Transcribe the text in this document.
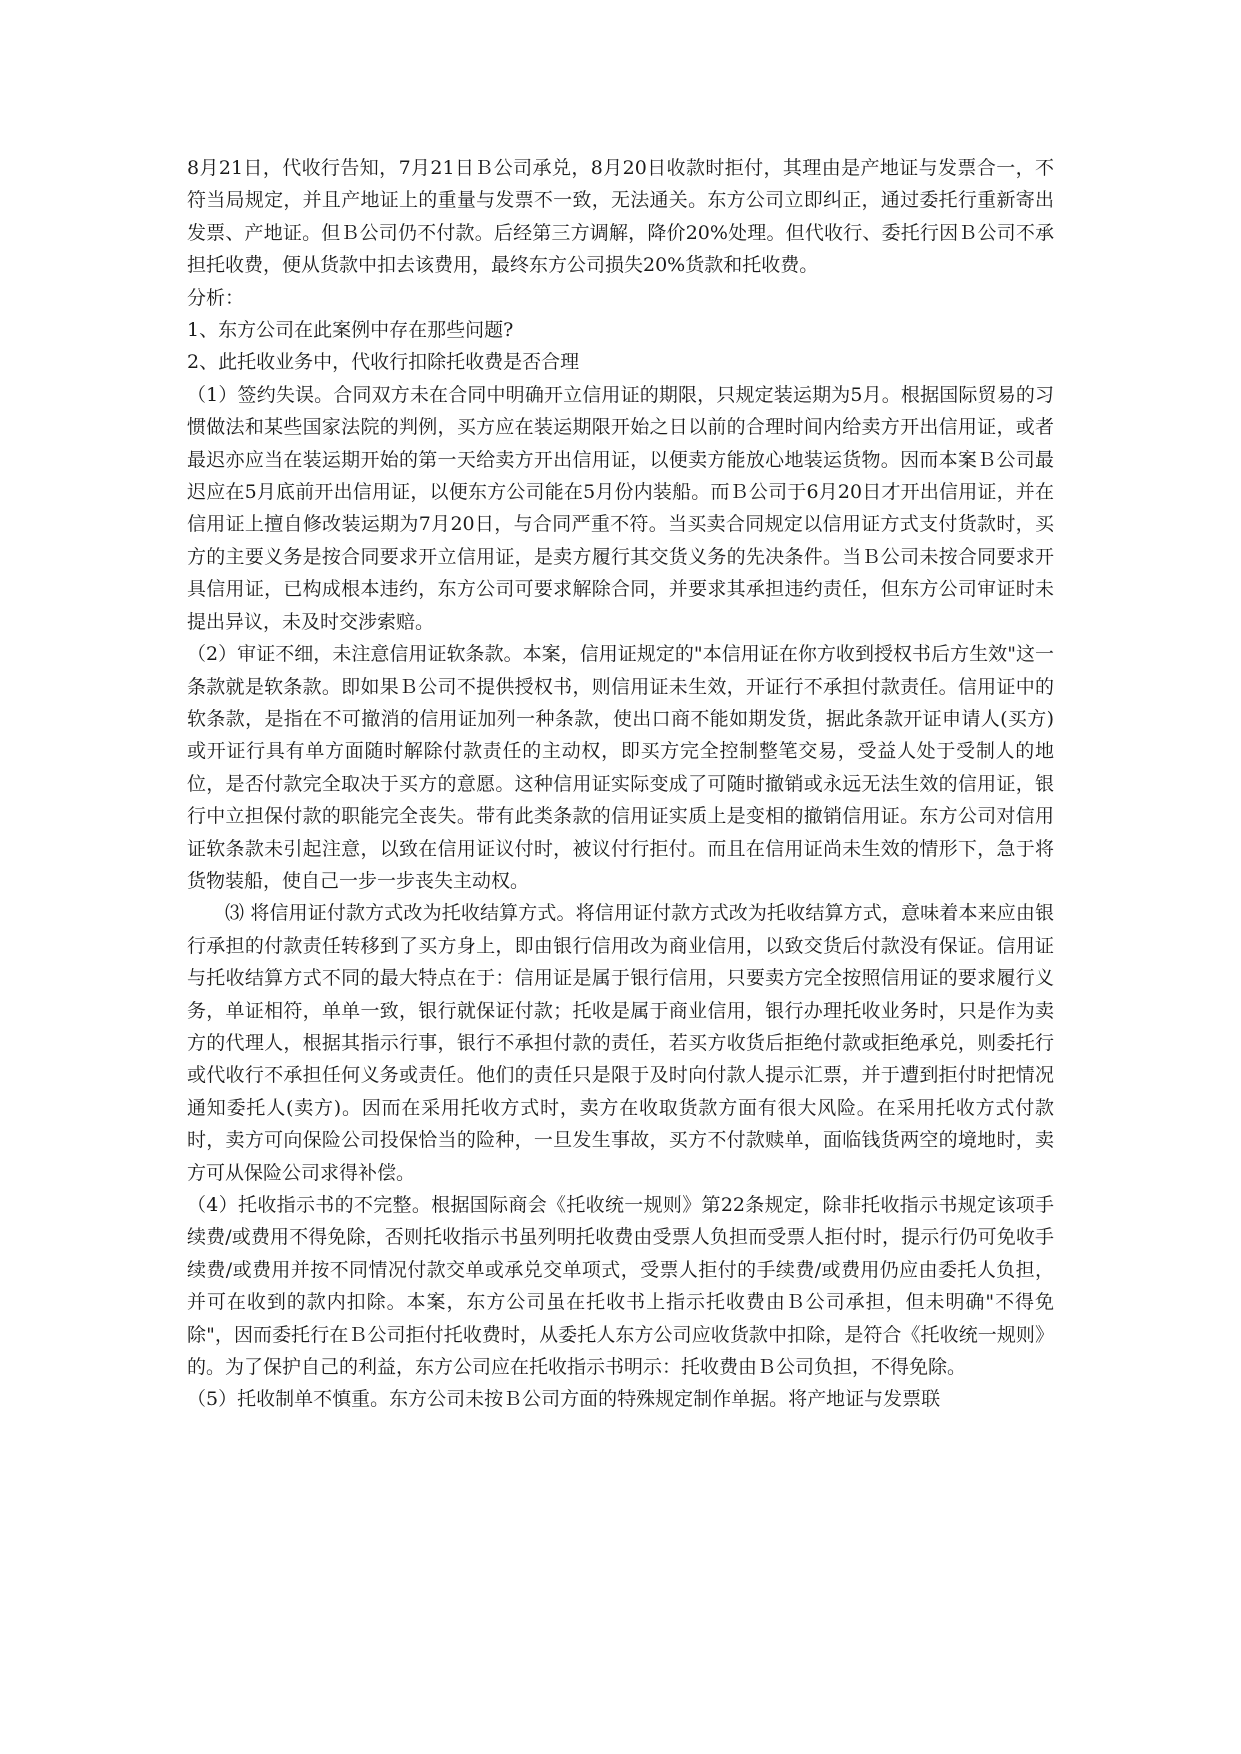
8月21日，代收行告知，7月21日Ｂ公司承兑，8月20日收款时拒付，其理由是产地证与发票合一，不符当局规定，并且产地证上的重量与发票不一致，无法通关。东方公司立即纠正，通过委托行重新寄出发票、产地证。但Ｂ公司仍不付款。后经第三方调解，降价20%处理。但代收行、委托行因Ｂ公司不承担托收费，便从货款中扣去该费用，最终东方公司损失20%货款和托收费。

分析：

1、东方公司在此案例中存在那些问题?

2、此托收业务中，代收行扣除托收费是否合理

（1）签约失误。合同双方未在合同中明确开立信用证的期限，只规定装运期为5月。根据国际贸易的习惯做法和某些国家法院的判例，买方应在装运期限开始之日以前的合理时间内给卖方开出信用证，或者最迟亦应当在装运期开始的第一天给卖方开出信用证，以便卖方能放心地装运货物。因而本案Ｂ公司最迟应在5月底前开出信用证，以便东方公司能在5月份内装船。而Ｂ公司于6月20日才开出信用证，并在信用证上擅自修改装运期为7月20日，与合同严重不符。当买卖合同规定以信用证方式支付货款时，买方的主要义务是按合同要求开立信用证，是卖方履行其交货义务的先决条件。当Ｂ公司未按合同要求开具信用证，已构成根本违约，东方公司可要求解除合同，并要求其承担违约责任，但东方公司审证时未提出异议，未及时交涉索赔。

（2）审证不细，未注意信用证软条款。本案，信用证规定的"本信用证在你方收到授权书后方生效"这一条款就是软条款。即如果Ｂ公司不提供授权书，则信用证未生效，开证行不承担付款责任。信用证中的软条款，是指在不可撤消的信用证加列一种条款，使出口商不能如期发货，据此条款开证申请人(买方)或开证行具有单方面随时解除付款责任的主动权，即买方完全控制整笔交易，受益人处于受制人的地位，是否付款完全取决于买方的意愿。这种信用证实际变成了可随时撤销或永远无法生效的信用证，银行中立担保付款的职能完全丧失。带有此类条款的信用证实质上是变相的撤销信用证。东方公司对信用证软条款未引起注意，以致在信用证议付时，被议付行拒付。而且在信用证尚未生效的情形下，急于将货物装船，使自己一步一步丧失主动权。

⑶ 将信用证付款方式改为托收结算方式。将信用证付款方式改为托收结算方式，意味着本来应由银行承担的付款责任转移到了买方身上，即由银行信用改为商业信用，以致交货后付款没有保证。信用证与托收结算方式不同的最大特点在于：信用证是属于银行信用，只要卖方完全按照信用证的要求履行义务，单证相符，单单一致，银行就保证付款；托收是属于商业信用，银行办理托收业务时，只是作为卖方的代理人，根据其指示行事，银行不承担付款的责任，若买方收货后拒绝付款或拒绝承兑，则委托行或代收行不承担任何义务或责任。他们的责任只是限于及时向付款人提示汇票，并于遭到拒付时把情况通知委托人(卖方)。因而在采用托收方式时，卖方在收取货款方面有很大风险。在采用托收方式付款时，卖方可向保险公司投保恰当的险种，一旦发生事故，买方不付款赎单，面临钱货两空的境地时，卖方可从保险公司求得补偿。

（4）托收指示书的不完整。根据国际商会《托收统一规则》第22条规定，除非托收指示书规定该项手续费/或费用不得免除，否则托收指示书虽列明托收费由受票人负担而受票人拒付时，提示行仍可免收手续费/或费用并按不同情况付款交单或承兑交单项式，受票人拒付的手续费/或费用仍应由委托人负担，并可在收到的款内扣除。本案，东方公司虽在托收书上指示托收费由Ｂ公司承担，但未明确"不得免除"，因而委托行在Ｂ公司拒付托收费时，从委托人东方公司应收货款中扣除，是符合《托收统一规则》的。为了保护自己的利益，东方公司应在托收指示书明示：托收费由Ｂ公司负担，不得免除。

（5）托收制单不慎重。东方公司未按Ｂ公司方面的特殊规定制作单据。将产地证与发票联
